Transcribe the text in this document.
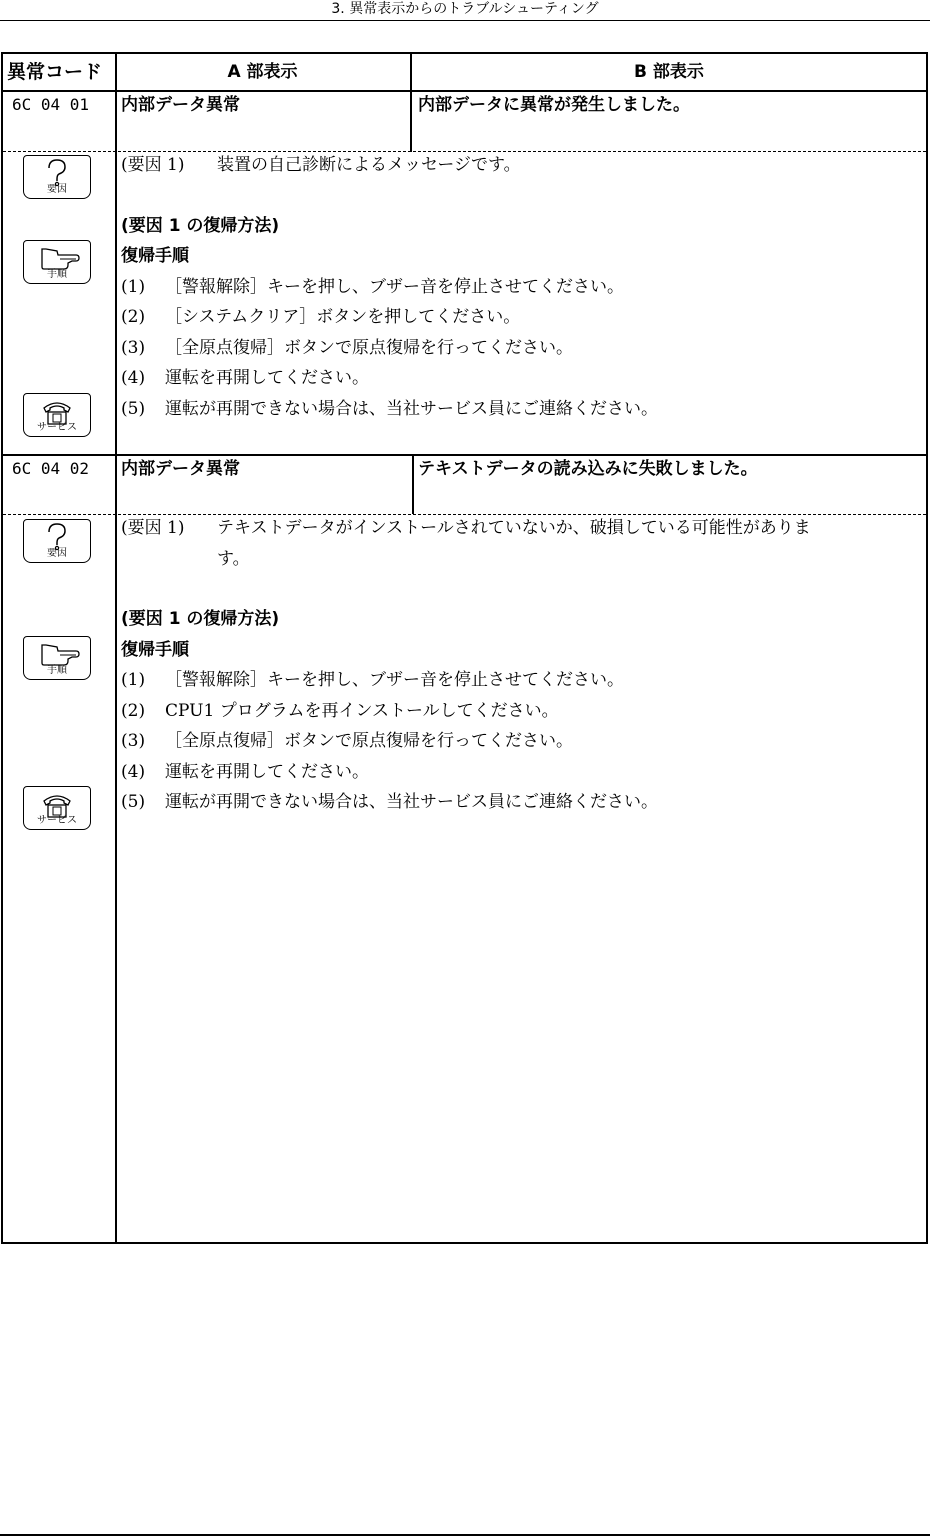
3. 異常表示からのトラブルシューティング
異常コード	A 部表示	B 部表示
6C 04 01 内部データ異常	内部データに異常が発生しました。
要因
手順
サービス
(要因 1) 装置の自己診断によるメッセージです。
(要因 1 の復帰方法)
復帰手順
(1) ［警報解除］キーを押し、ブザー音を停止させてください。
(2) ［システムクリア］ボタンを押してください。
(3) ［全原点復帰］ボタンで原点復帰を行ってください。
(4) 運転を再開してください。
(5) 運転が再開できない場合は、当社サービス員にご連絡ください。
6C 04 02 内部データ異常	テキストデータの読み込みに失敗しました。
要因
手順
サービス
(要因 1) テキストデータがインストールされていないか、破損している可能性がありま
す。
(要因 1 の復帰方法)
復帰手順
(1) ［警報解除］キーを押し、ブザー音を停止させてください。
(2) CPU1 プログラムを再インストールしてください。
(3) ［全原点復帰］ボタンで原点復帰を行ってください。
(4) 運転を再開してください。
(5) 運転が再開できない場合は、当社サービス員にご連絡ください。
